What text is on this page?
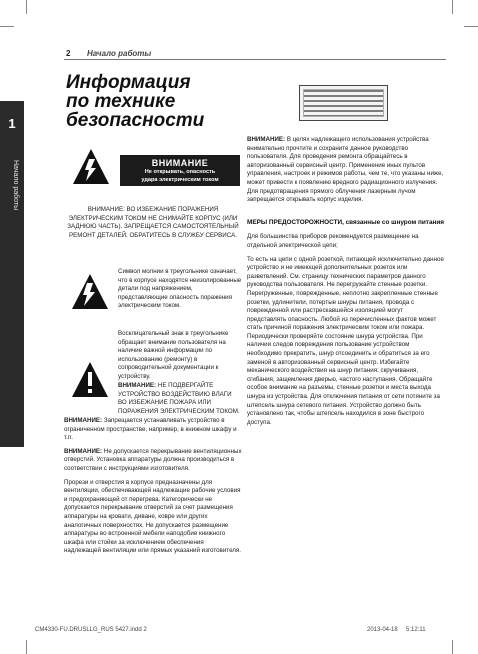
1
Начало работы
2 Начало работы
Информация
по технике
безопасности
ВНИМАНИЕ
Не открывать, опасность
удара электрическим током
ВНИМАНИЕ: ВО ИЗБЕЖАНИЕ ПОРАЖЕНИЯ ЭЛЕКТРИЧЕСКИМ ТОКОМ НЕ СНИМАЙТЕ КОРПУС (ИЛИ ЗАДНЮЮ ЧАСТЬ). ЗАПРЕЩАЕТСЯ САМОСТОЯТЕЛЬНЫЙ РЕМОНТ ДЕТАЛЕЙ. ОБРАТИТЕСЬ В СЛУЖБУ СЕРВИСА.
Символ молнии в треугольнике означает, что в корпусе находятся неизолированные детали под напряжением, представляющие опасность поражения электрическим током.
Восклицательный знак в треугольнике обращает внимание пользователя на наличие важной информации по использованию (ремонту) в сопроводительной документации к устройству.
ВНИМАНИЕ: НЕ ПОДВЕРГАЙТЕ УСТРОЙСТВО ВОЗДЕЙСТВИЮ ВЛАГИ ВО ИЗБЕЖАНИЕ ПОЖАРА ИЛИ ПОРАЖЕНИЯ ЭЛЕКТРИЧЕСКИМ ТОКОМ.

ВНИМАНИЕ: Запрещается устанавливать устройство в ограниченном пространстве, например, в книжном шкафу и т.п.

ВНИМАНИЕ: Не допускается перекрывание вентиляционных отверстий. Установка аппаратуры должна производиться в соответствии с инструкциями изготовителя.

Прорези и отверстия в корпусе предназначены для вентиляции, обеспечивающей надлежащие рабочие условия и предохраняющей от перегрева. Категорически не допускается перекрывание отверстий за счет размещения аппаратуры на кровати, диване, ковре или других аналогичных поверхностях. Не допускается размещение аппаратуры во встроенной мебели наподобие книжного шкафа или стойки за исключением обеспечения надлежащей вентиляции или прямых указаний изготовителя.

ВНИМАНИЕ: В целях надлежащего использования устройства внимательно прочтите и сохраните данное руководство пользователя. Для проведения ремонта обращайтесь в авторизованный сервисный центр. Применение иных пультов управления, настроек и режимов работы, чем те, что указаны ниже, может привести к появлению вредного радиационного излучения. Для предотвращения прямого облучения лазерным лучом запрещается открывать корпус изделия.

МЕРЫ ПРЕДОСТОРОЖНОСТИ, связанные со шнуром питания

Для большинства приборов рекомендуется размещение на отдельной электрической цепи;

То есть на цепи с одной розеткой, питающей исключительно данное устройство и не имеющей дополнительных розеток или разветвлений. См. страницу технических параметров данного руководства пользователя. Не перегружайте стенные розетки. Перегруженные, поврежденные, неплотно закрепленные стенные розетки, удлинители, потертые шнуры питания, провода с поврежденной или растрескавшейся изоляцией могут представлять опасность. Любой из перечисленных фактов может стать причиной поражения электрическим током или пожара. Периодически проверяйте состояние шнура устройства. При наличии следов повреждения пользование устройством необходимо прекратить, шнур отсоединить и обратиться за его заменой в авторизованный сервисный центр. Избегайте механического воздействия на шнур питания: скручивания, сгибания, защемления дверью, частого наступания. Обращайте особое внимание на разъемы, стенные розетки и места выхода шнура из устройства. Для отключения питания от сети потяните за штепсель шнура сетевого питания. Устройство должно быть установлено так, чтобы штепсель находился в зоне быстрого доступа.

CM4330-FU.DRUSLLG_RUS 5427.indd 2	2013-04-18 5:12:11
